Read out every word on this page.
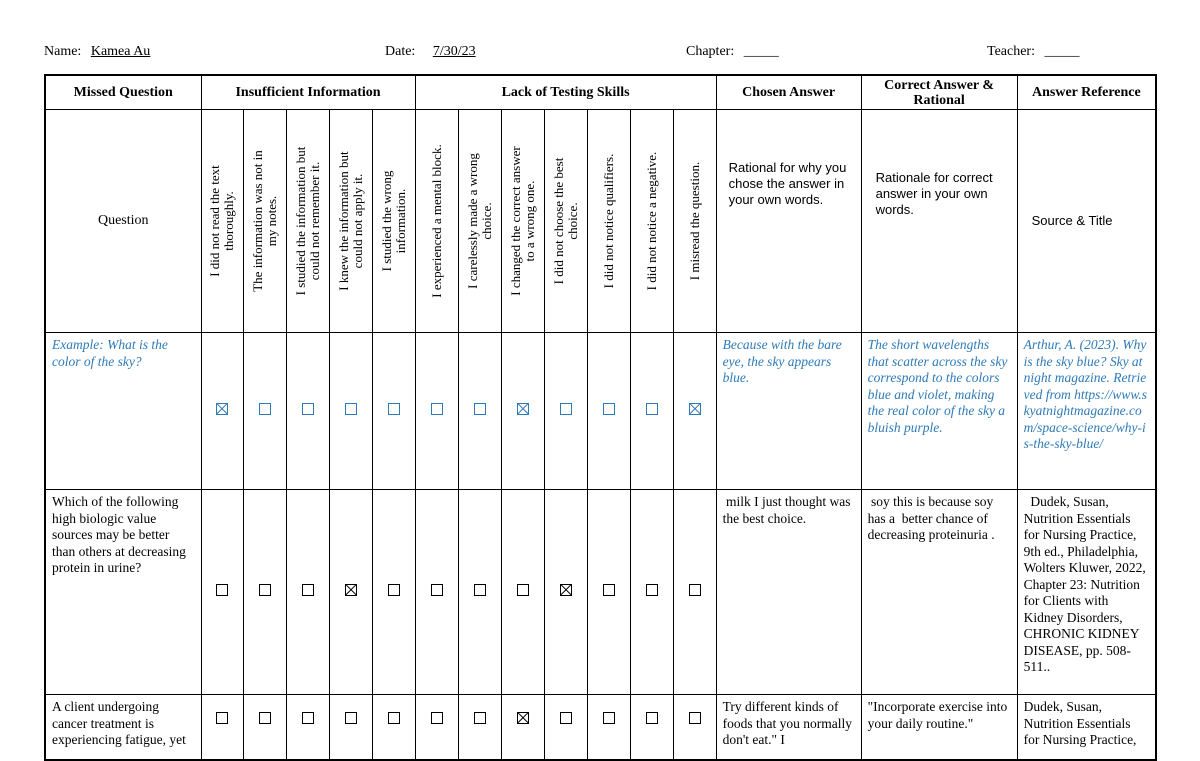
Name: Kamea Au	Date: 7/30/23	Chapter: _____	Teacher: _____
Missed Question	Insufficient Information					Lack of Testing Skills							Chosen Answer	Correct Answer & Rational	Answer Reference
Question	I did not read the text thoroughly.	The information was not in my notes.	I studied the information but could not remember it.	I knew the information but could not apply it.	I studied the wrong information.	I experienced a mental block.	I carelessly made a wrong choice.	I changed the correct answer to a wrong one.	I did not choose the best choice.	I did not notice qualifiers.	I did not notice a negative.	I misread the question.	Rational for why you chose the answer in your own words.	Rationale for correct answer in your own words.	Source & Title
Example: What is the color of the sky?													Because with the bare eye, the sky appears blue.	The short wavelengths that scatter across the sky correspond to the colors blue and violet, making the real color of the sky a bluish purple.	Arthur, A. (2023). Why is the sky blue? Sky at night magazine. Retrieved from https://www.skyatnightmagazine.com/space-science/why-is-the-sky-blue/
Which of the following high biologic value sources may be better than others at decreasing protein in urine?													milk I just thought was the best choice.	soy this is because soy has a  better chance of decreasing proteinuria .	Dudek, Susan, Nutrition Essentials for Nursing Practice, 9th ed., Philadelphia, Wolters Kluwer, 2022, Chapter 23: Nutrition for Clients with Kidney Disorders, CHRONIC KIDNEY DISEASE, pp. 508-511..
A client undergoing cancer treatment is experiencing fatigue, yet													Try different kinds of foods that you normally don't eat." I	"Incorporate exercise into your daily routine."	Dudek, Susan, Nutrition Essentials for Nursing Practice,
